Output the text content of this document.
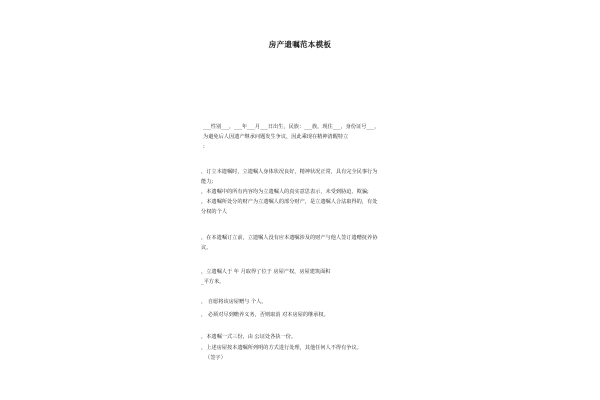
房产遗嘱范本模板
___性别___，___年___月___日出生，民族：___族，现住___，身份证号___，
为避免后人因遗产继承问题发生争议，因此乘现在精神清醒特立
:
，订立本遗嘱时，立遗嘱人身体状况良好，精神状况正常，具有完全民事行为
能力;
，本遗嘱中的所有内容均为立遗嘱人的真实意思表示，未受到胁迫、欺骗;
，本遗嘱所处分的财产为立遗嘱人的部分财产，是立遗嘱人合法取得的，有处
分权的个人
，在本遗嘱订立前，立遗嘱人没有应本遗嘱涉及的财产与他人签订遗赠抚养协
议。
，立遗嘱人于 年 月取得了位于 房屋产权，房屋建筑面积
_平方米。
， 自愿将该房屋赠与 个人。
， 必须对尽到赡养义务，否则取消 对本房屋的继承权。
，本遗嘱一式三份，由 公证处各执一份。
，上述房屋按本遗嘱所列明的方式进行处理，其他任何人不得有争议。
（签字）
